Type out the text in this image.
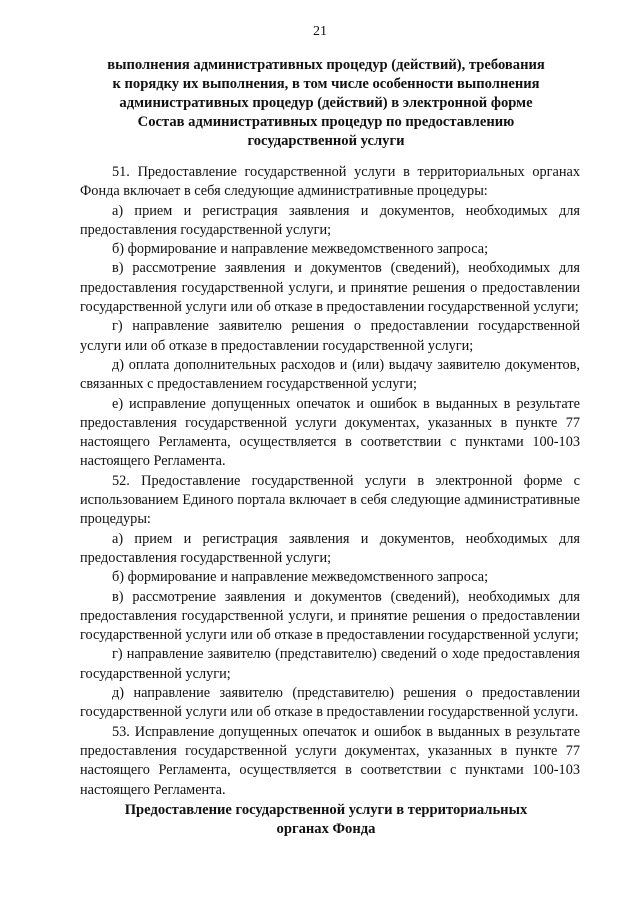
21
выполнения административных процедур (действий), требования
к порядку их выполнения, в том числе особенности выполнения
административных процедур (действий) в электронной форме
Состав административных процедур по предоставлению
государственной услуги

51. Предоставление государственной услуги в территориальных органах Фонда включает в себя следующие административные процедуры:

а) прием и регистрация заявления и документов, необходимых для предоставления государственной услуги;

б) формирование и направление межведомственного запроса;

в) рассмотрение заявления и документов (сведений), необходимых для предоставления государственной услуги, и принятие решения о предоставлении государственной услуги или об отказе в предоставлении государственной услуги;

г) направление заявителю решения о предоставлении государственной услуги или об отказе в предоставлении государственной услуги;

д) оплата дополнительных расходов и (или) выдачу заявителю документов, связанных с предоставлением государственной услуги;

е) исправление допущенных опечаток и ошибок в выданных в результате предоставления государственной услуги документах, указанных в пункте 77 настоящего Регламента, осуществляется в соответствии с пунктами 100-103 настоящего Регламента.

52. Предоставление государственной услуги в электронной форме с использованием Единого портала включает в себя следующие административные процедуры:

а) прием и регистрация заявления и документов, необходимых для предоставления государственной услуги;

б) формирование и направление межведомственного запроса;

в) рассмотрение заявления и документов (сведений), необходимых для предоставления государственной услуги, и принятие решения о предоставлении государственной услуги или об отказе в предоставлении государственной услуги;

г) направление заявителю (представителю) сведений о ходе предоставления государственной услуги;

д) направление заявителю (представителю) решения о предоставлении государственной услуги или об отказе в предоставлении государственной услуги.

53. Исправление допущенных опечаток и ошибок в выданных в результате предоставления государственной услуги документах, указанных в пункте 77 настоящего Регламента, осуществляется в соответствии с пунктами 100-103 настоящего Регламента.

Предоставление государственной услуги в территориальных
органах Фонда
